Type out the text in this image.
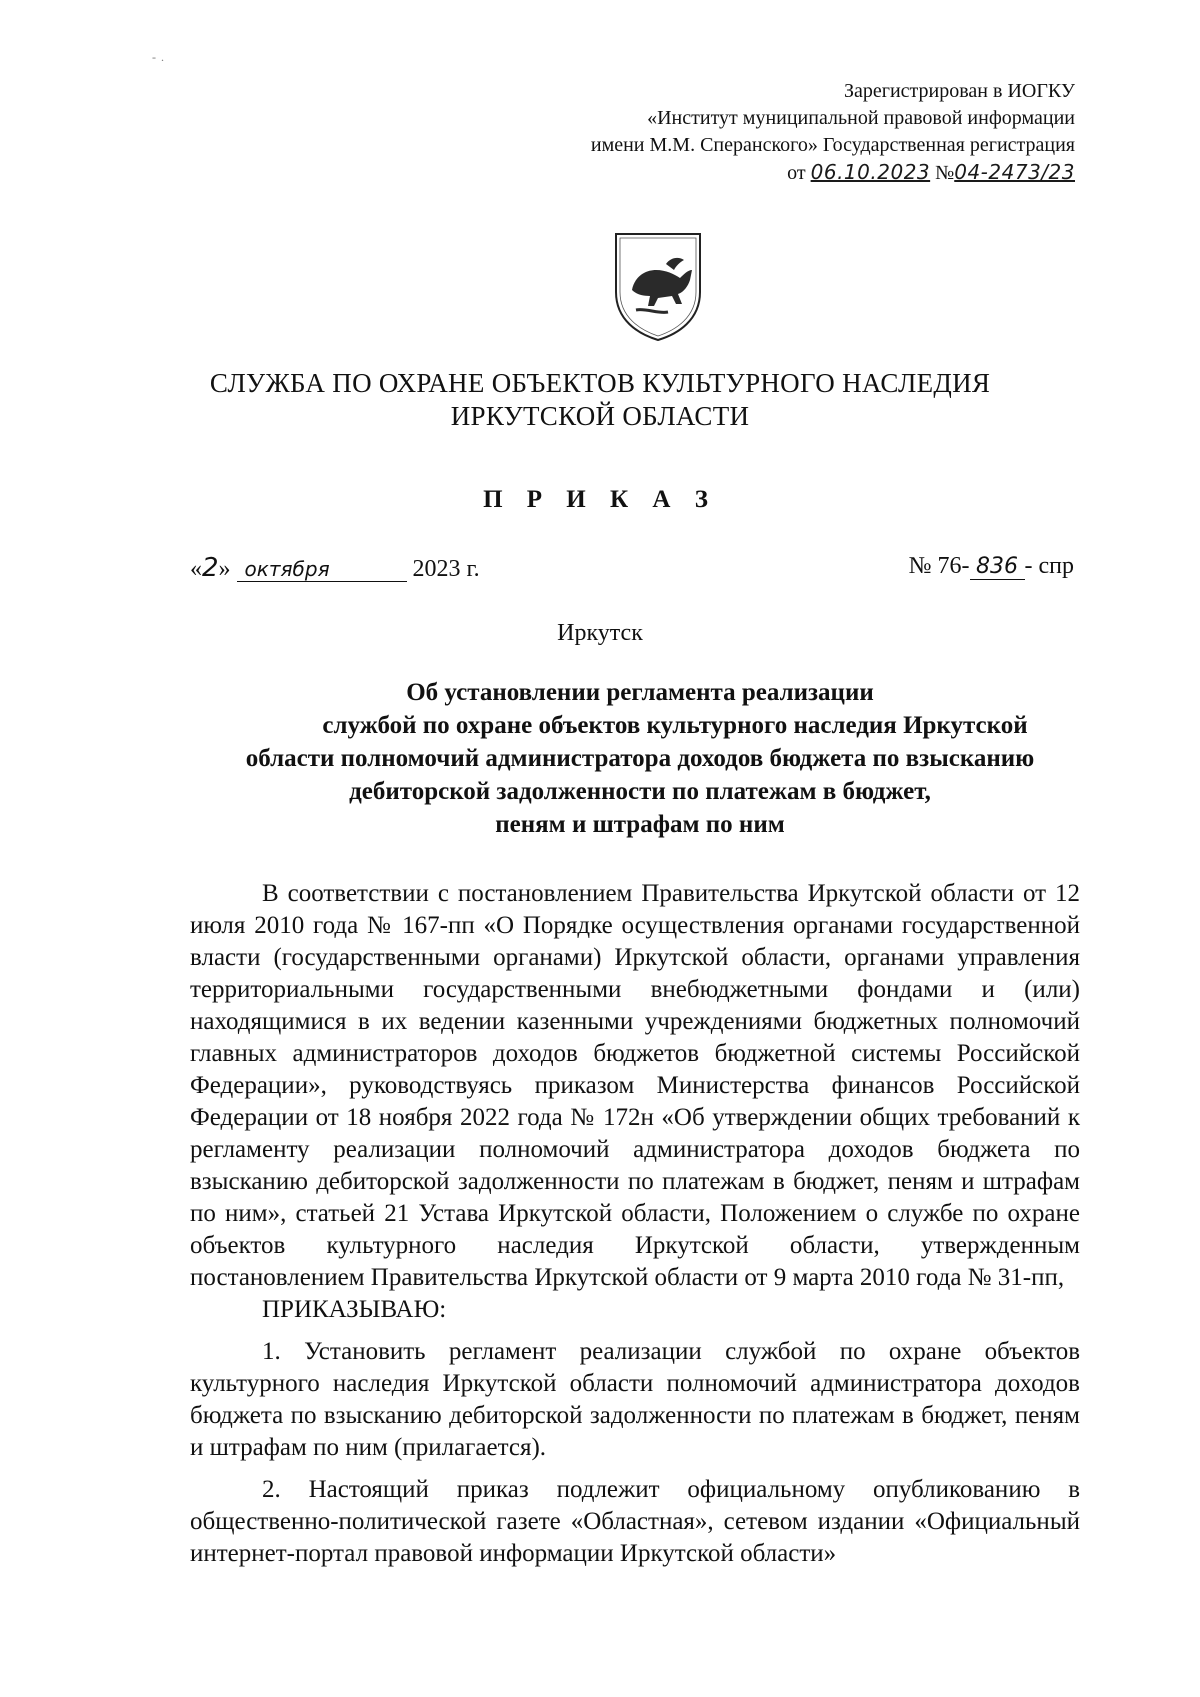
‐ .
Зарегистрирован в ИОГКУ
«Институт муниципальной правовой информации
имени М.М. Сперанского» Государственная регистрация
от 06.10.2023 №04-2473/23
СЛУЖБА ПО ОХРАНЕ ОБЪЕКТОВ КУЛЬТУРНОГО НАСЛЕДИЯ
ИРКУТСКОЙ ОБЛАСТИ
П Р И К А З
«2» октября	2023 г.	№ 76- 836 - спр
Иркутск
Об установлении регламента реализации
службой по охране объектов культурного наследия Иркутской
области полномочий администратора доходов бюджета по взысканию
дебиторской задолженности по платежам в бюджет,
пеням и штрафам по ним

В соответствии с постановлением Правительства Иркутской области от 12 июля 2010 года № 167-пп «О Порядке осуществления органами государственной власти (государственными органами) Иркутской области, органами управления территориальными государственными внебюджетными фондами и (или) находящимися в их ведении казенными учреждениями бюджетных полномочий главных администраторов доходов бюджетов бюджетной системы Российской Федерации», руководствуясь приказом Министерства финансов Российской Федерации от 18 ноября 2022 года № 172н «Об утверждении общих требований к регламенту реализации полномочий администратора доходов бюджета по взысканию дебиторской задолженности по платежам в бюджет, пеням и штрафам по ним», статьей 21 Устава Иркутской области, Положением о службе по охране объектов культурного наследия Иркутской области, утвержденным постановлением Правительства Иркутской области от 9 марта 2010 года № 31-пп,

ПРИКАЗЫВАЮ:

1. Установить регламент реализации службой по охране объектов культурного наследия Иркутской области полномочий администратора доходов бюджета по взысканию дебиторской задолженности по платежам в бюджет, пеням и штрафам по ним (прилагается).

2. Настоящий приказ подлежит официальному опубликованию в общественно-политической газете «Областная», сетевом издании «Официальный интернет-портал правовой информации Иркутской области»
